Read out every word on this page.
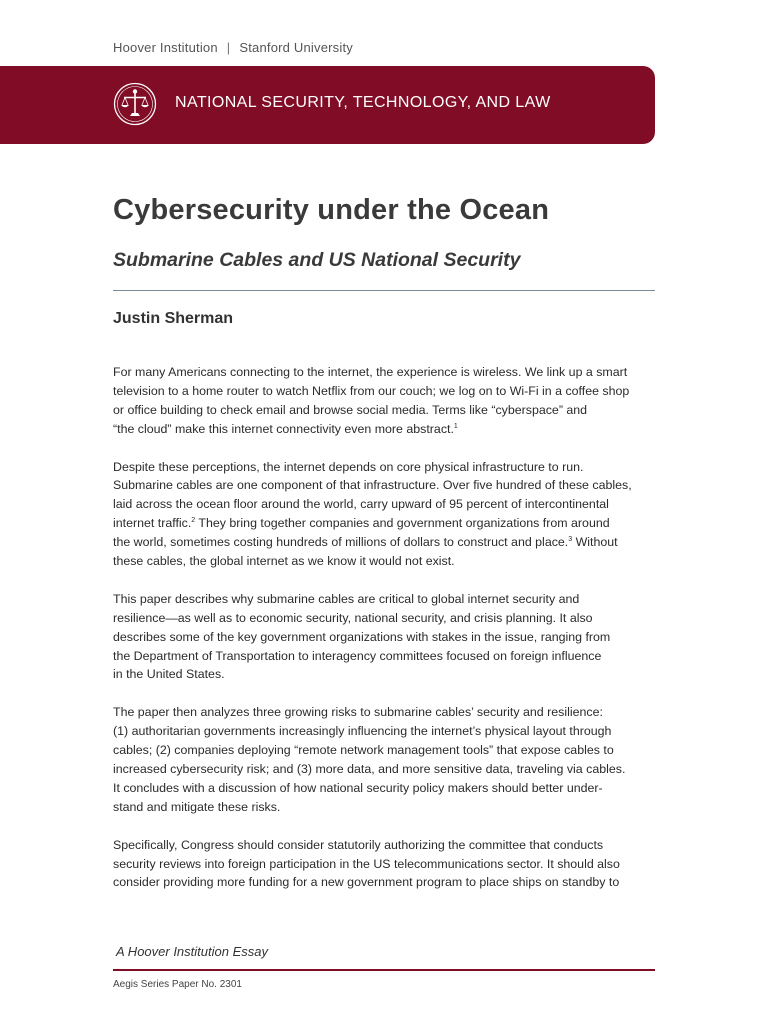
Hoover Institution | Stanford University
NATIONAL SECURITY, TECHNOLOGY, AND LAW
Cybersecurity under the Ocean
Submarine Cables and US National Security
Justin Sherman

For many Americans connecting to the internet, the experience is wireless. We link up a smart
television to a home router to watch Netflix from our couch; we log on to Wi-Fi in a coffee shop
or office building to check email and browse social media. Terms like “cyberspace” and
“the cloud” make this internet connectivity even more abstract.$^1$

Despite these perceptions, the internet depends on core physical infrastructure to run.
Submarine cables are one component of that infrastructure. Over five hundred of these cables,
laid across the ocean floor around the world, carry upward of 95 percent of intercontinental
internet traffic.$^2$ They bring together companies and government organizations from around
the world, sometimes costing hundreds of millions of dollars to construct and place.$^3$ Without
these cables, the global internet as we know it would not exist.

This paper describes why submarine cables are critical to global internet security and
resilience—as well as to economic security, national security, and crisis planning. It also
describes some of the key government organizations with stakes in the issue, ranging from
the Department of Transportation to interagency committees focused on foreign influence
in the United States.

The paper then analyzes three growing risks to submarine cables’ security and resilience:
(1) authoritarian governments increasingly influencing the internet’s physical layout through
cables; (2) companies deploying “remote network management tools” that expose cables to
increased cybersecurity risk; and (3) more data, and more sensitive data, traveling via cables.
It concludes with a discussion of how national security policy makers should better under-
stand and mitigate these risks.

Specifically, Congress should consider statutorily authorizing the committee that conducts
security reviews into foreign participation in the US telecommunications sector. It should also
consider providing more funding for a new government program to place ships on standby to

A Hoover Institution Essay
Aegis Series Paper No. 2301
